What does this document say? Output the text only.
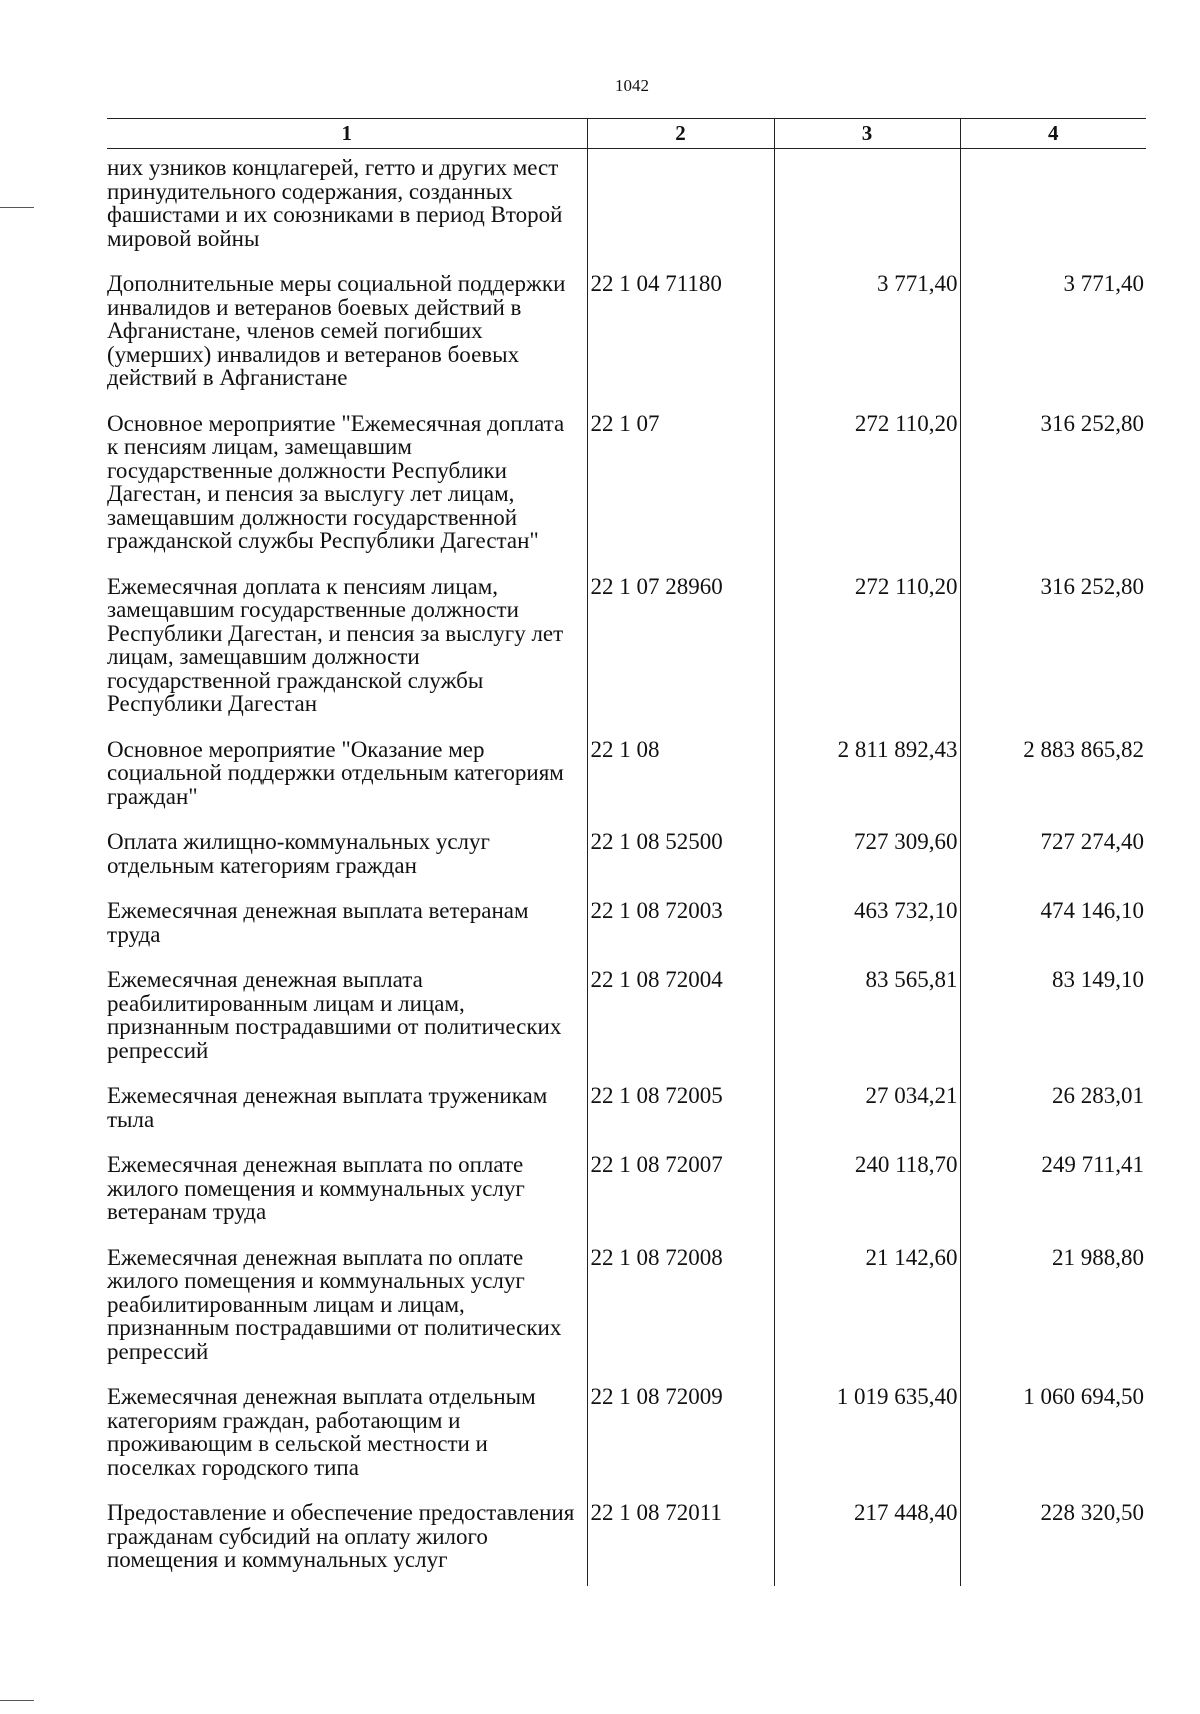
1042
1	2	3	4
них узников концлагерей, гетто и других мест принудительного содержания, созданных фашистами и их союзниками в период Второй мировой войны			
Дополнительные меры социальной поддержки инвалидов и ветеранов боевых действий в Афганистане, членов семей погибших (умерших) инвалидов и ветеранов боевых действий в Афганистане	22 1 04 71180	3 771,40	3 771,40
Основное мероприятие "Ежемесячная доплата к пенсиям лицам, замещавшим государственные должности Республики Дагестан, и пенсия за выслугу лет лицам, замещавшим должности государственной гражданской службы Республики Дагестан"	22 1 07	272 110,20	316 252,80
Ежемесячная доплата к пенсиям лицам, замещавшим государственные должности Республики Дагестан, и пенсия за выслугу лет лицам, замещавшим должности государственной гражданской службы Республики Дагестан	22 1 07 28960	272 110,20	316 252,80
Основное мероприятие "Оказание мер социальной поддержки отдельным категориям граждан"	22 1 08	2 811 892,43	2 883 865,82
Оплата жилищно-коммунальных услуг отдельным категориям граждан	22 1 08 52500	727 309,60	727 274,40
Ежемесячная денежная выплата ветеранам труда	22 1 08 72003	463 732,10	474 146,10
Ежемесячная денежная выплата реабилитированным лицам и лицам, признанным пострадавшими от политических репрессий	22 1 08 72004	83 565,81	83 149,10
Ежемесячная денежная выплата труженикам тыла	22 1 08 72005	27 034,21	26 283,01
Ежемесячная денежная выплата по оплате жилого помещения и коммунальных услуг ветеранам труда	22 1 08 72007	240 118,70	249 711,41
Ежемесячная денежная выплата по оплате жилого помещения и коммунальных услуг реабилитированным лицам и лицам, признанным пострадавшими от политических репрессий	22 1 08 72008	21 142,60	21 988,80
Ежемесячная денежная выплата отдельным категориям граждан, работающим и проживающим в сельской местности и поселках городского типа	22 1 08 72009	1 019 635,40	1 060 694,50
Предоставление и обеспечение предоставления гражданам субсидий на оплату жилого помещения и коммунальных услуг	22 1 08 72011	217 448,40	228 320,50
